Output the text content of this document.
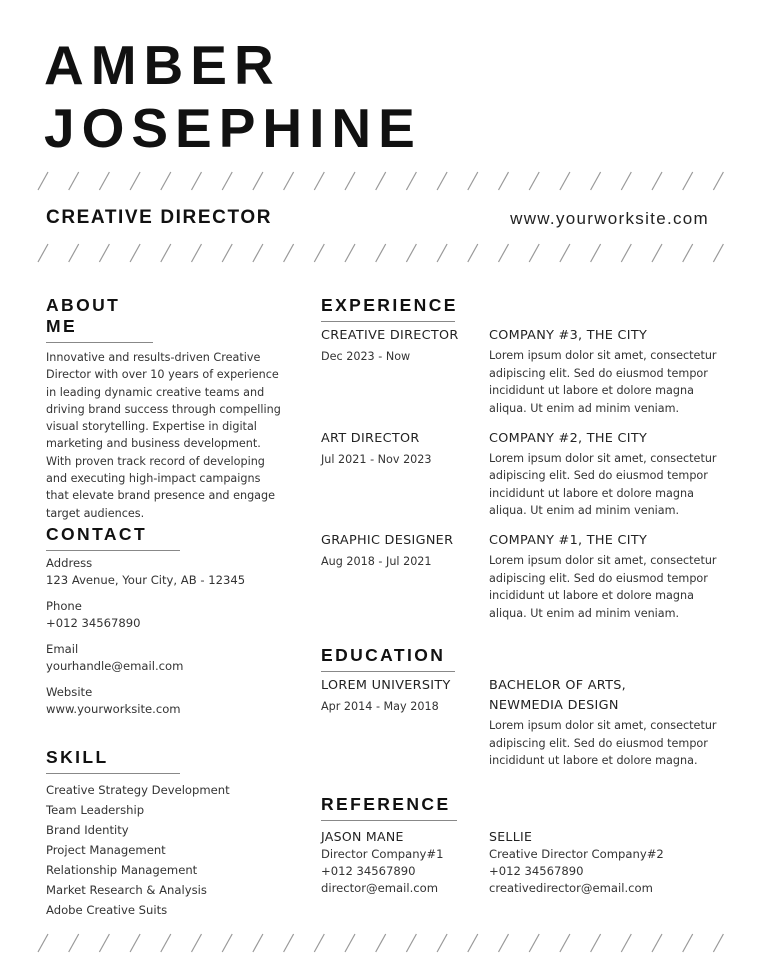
AMBER
JOSEPHINE
CREATIVE DIRECTOR	www.yourworksite.com
ABOUT ME
Innovative and results-driven Creative
Director with over 10 years of experience
in leading dynamic creative teams and
driving brand success through compelling
visual storytelling. Expertise in digital
marketing and business development.
With proven track record of developing
and executing high-impact campaigns
that elevate brand presence and engage
target audiences.
CONTACT
Address
123 Avenue, Your City, AB - 12345
Phone
+012 34567890
Email
yourhandle@email.com
Website
www.yourworksite.com
SKILL
Creative Strategy Development
Team Leadership
Brand Identity
Project Management
Relationship Management
Market Research & Analysis
Adobe Creative Suits
EXPERIENCE
CREATIVE DIRECTOR
Dec 2023 - Now
COMPANY #3, THE CITY
Lorem ipsum dolor sit amet, consectetur
adipiscing elit. Sed do eiusmod tempor
incididunt ut labore et dolore magna
aliqua. Ut enim ad minim veniam.
ART DIRECTOR
Jul 2021 - Nov 2023
COMPANY #2, THE CITY
Lorem ipsum dolor sit amet, consectetur
adipiscing elit. Sed do eiusmod tempor
incididunt ut labore et dolore magna
aliqua. Ut enim ad minim veniam.
GRAPHIC DESIGNER
Aug 2018 - Jul 2021
COMPANY #1, THE CITY
Lorem ipsum dolor sit amet, consectetur
adipiscing elit. Sed do eiusmod tempor
incididunt ut labore et dolore magna
aliqua. Ut enim ad minim veniam.
EDUCATION
LOREM UNIVERSITY
Apr 2014 - May 2018
BACHELOR OF ARTS,
NEWMEDIA DESIGN
Lorem ipsum dolor sit amet, consectetur
adipiscing elit. Sed do eiusmod tempor
incididunt ut labore et dolore magna.
REFERENCE
JASON MANE
Director Company#1
+012 34567890
director@email.com
SELLIE
Creative Director Company#2
+012 34567890
creativedirector@email.com
